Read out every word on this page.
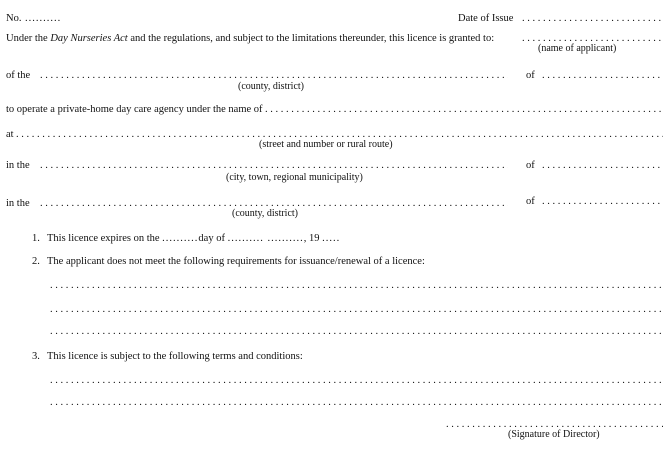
No. ..........	Date of Issue
. . .
Under the Day Nurseries Act and the regulations, and subject to the limitations thereunder, this licence is granted to:
. . .
(name of applicant)
of the . . .	of
. . .
(county, district)
to operate a private-home day care agency under the name of
. . .
at
. . .
(street and number or rural route)
in the . . .	of
. . .
(city, town, regional municipality)
in the . . .	of
. . .
(county, district)
1. This licence expires on the ..........day of .......... .........., 19 .....
2. The applicant does not meet the following requirements for issuance/renewal of a licence:
. . .
. . .
. . .
3. This licence is subject to the following terms and conditions:
. . .
. . .
. . .
(Signature of Director)
